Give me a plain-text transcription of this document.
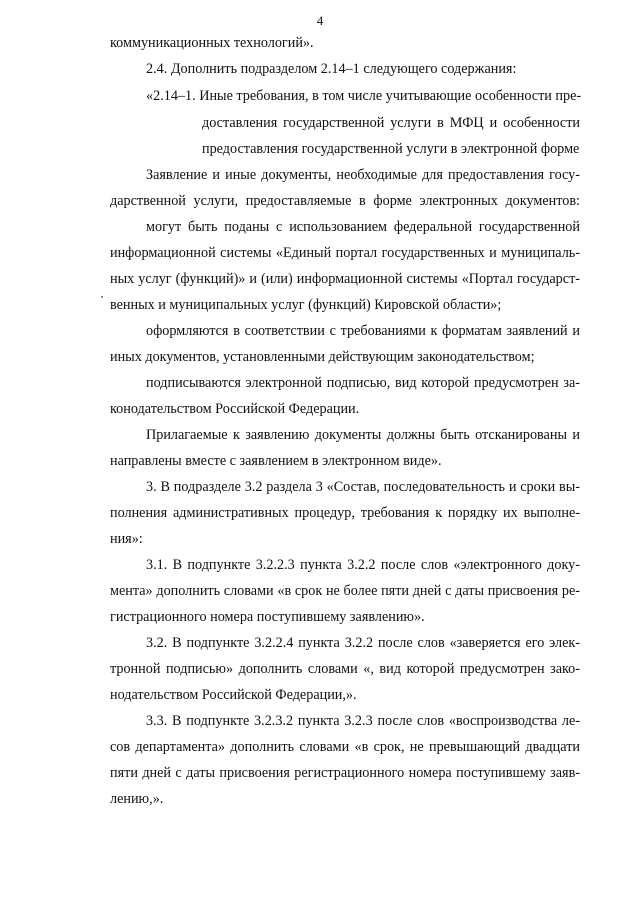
4
коммуникационных технологий».
2.4. Дополнить подразделом 2.14–1 следующего содержания:
«2.14–1. Иные требования, в том числе учитывающие особенности пре-
доставления государственной услуги в МФЦ и особенности
предоставления государственной услуги в электронной форме
Заявление и иные документы, необходимые для предоставления госу-
дарственной услуги, предоставляемые в форме электронных документов:
могут быть поданы с использованием федеральной государственной
информационной системы «Единый портал государственных и муниципаль-
ных услуг (функций)» и (или) информационной системы «Портал государст-
венных и муниципальных услуг (функций) Кировской области»;
оформляются в соответствии с требованиями к форматам заявлений и
иных документов, установленными действующим законодательством;
подписываются электронной подписью, вид которой предусмотрен за-
конодательством Российской Федерации.
Прилагаемые к заявлению документы должны быть отсканированы и
направлены вместе с заявлением в электронном виде».
3. В подразделе 3.2 раздела 3 «Состав, последовательность и сроки вы-
полнения административных процедур, требования к порядку их выполне-
ния»:
3.1. В подпункте 3.2.2.3 пункта 3.2.2 после слов «электронного доку-
мента» дополнить словами «в срок не более пяти дней с даты присвоения ре-
гистрационного номера поступившему заявлению».
3.2. В подпункте 3.2.2.4 пункта 3.2.2 после слов «заверяется его элек-
тронной подписью» дополнить словами «, вид которой предусмотрен зако-
нодательством Российской Федерации,».
3.3. В подпункте 3.2.3.2 пункта 3.2.3 после слов «воспроизводства ле-
сов департамента» дополнить словами «в срок, не превышающий двадцати
пяти дней с даты присвоения регистрационного номера поступившему заяв-
лению,».
